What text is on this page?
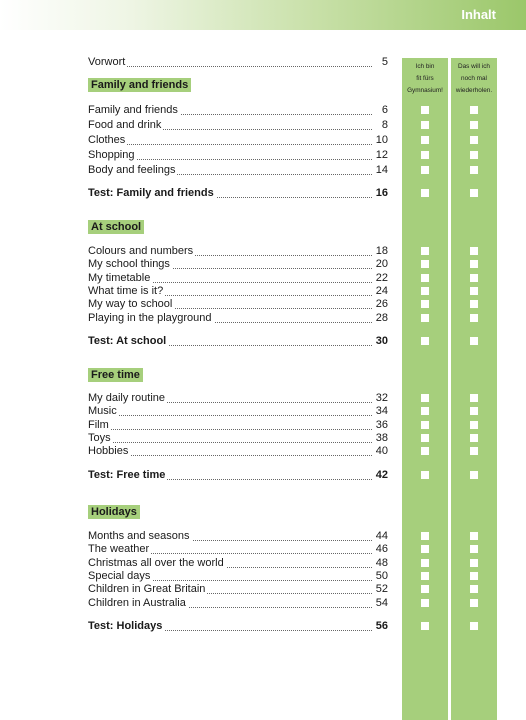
Inhalt
Ich bin
fit fürs
Gymnasium!
Das will ich
noch mal
wiederholen.
Vorwort	5
Family and friends
Family and friends	6
Food and drink	8
Clothes	10
Shopping	12
Body and feelings	14
Test: Family and friends	16
At school
Colours and numbers	18
My school things	20
My timetable	22
What time is it?	24
My way to school	26
Playing in the playground	28
Test: At school	30
Free time
My daily routine	32
Music	34
Film	36
Toys	38
Hobbies	40
Test: Free time	42
Holidays
Months and seasons	44
The weather	46
Christmas all over the world	48
Special days	50
Children in Great Britain	52
Children in Australia	54
Test: Holidays	56
